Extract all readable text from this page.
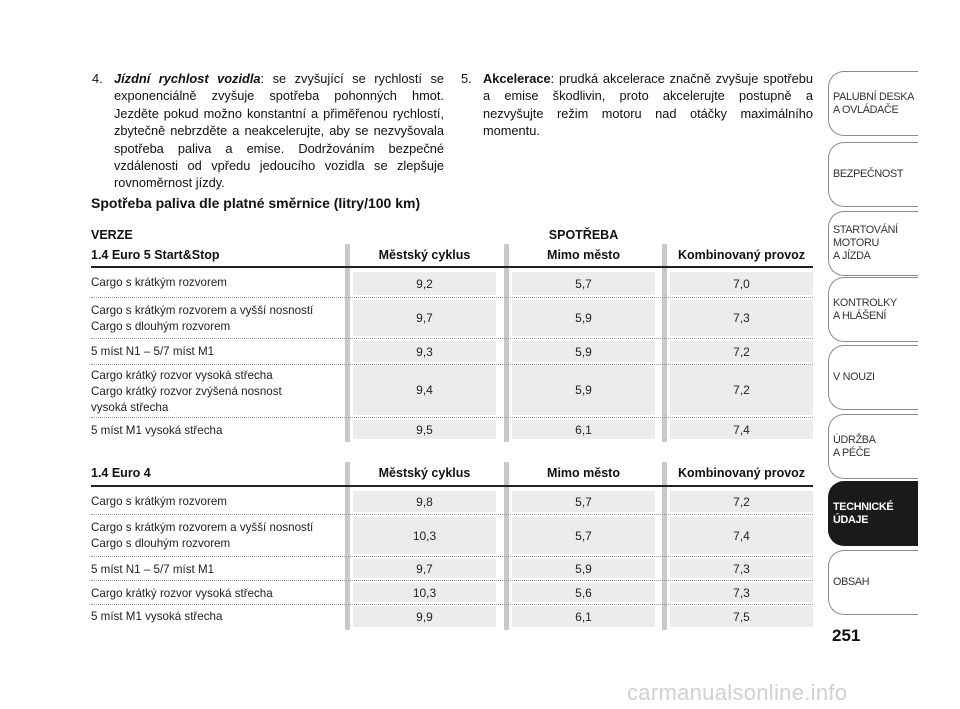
4. Jízdní rychlost vozidla: se zvyšující se rychlostí se exponenciálně zvyšuje spotřeba pohonných hmot. Jezděte pokud možno konstantní a přiměřenou rychlostí, zbytečně nebrzděte a neakcelerujte, aby se nezvyšovala spotřeba paliva a emise. Dodržováním bezpečné vzdálenosti od vpředu jedoucího vozidla se zlepšuje rovnoměrnost jízdy.
5. Akcelerace: prudká akcelerace značně zvyšuje spotřebu a emise škodlivin, proto akcelerujte postupně a nezvyšujte režim motoru nad otáčky maximálního momentu.
Spotřeba paliva dle platné směrnice (litry/100 km)
VERZE	SPOTŘEBA
1.4 Euro 5 Start&Stop	Městský cyklus	Mimo město	Kombinovaný provoz
Cargo s krátkým rozvorem	9,2	5,7	7,0
Cargo s krátkým rozvorem a vyšší nosností
Cargo s dlouhým rozvorem
9,7	5,9	7,3
5 míst N1 – 5/7 míst M1	9,3	5,9	7,2
Cargo krátký rozvor vysoká střecha
Cargo krátký rozvor zvýšená nosnost
vysoká střecha
9,4	5,9	7,2
5 míst M1 vysoká střecha	9,5	6,1	7,4
1.4 Euro 4	Městský cyklus	Mimo město	Kombinovaný provoz
Cargo s krátkým rozvorem	9,8	5,7	7,2
Cargo s krátkým rozvorem a vyšší nosností
Cargo s dlouhým rozvorem
10,3	5,7	7,4
5 míst N1 – 5/7 míst M1	9,7	5,9	7,3
Cargo krátký rozvor vysoká střecha	10,3	5,6	7,3
5 míst M1 vysoká střecha	9,9	6,1	7,5
PALUBNÍ DESKA
A OVLÁDAČE
BEZPEČNOST
STARTOVÁNÍ
MOTORU
A JÍZDA
KONTROLKY
A HLÁŠENÍ
V NOUZI
ÚDRŽBA
A PÉČE
TECHNICKÉ
ÚDAJE
OBSAH
251
carmanualsonline.info
